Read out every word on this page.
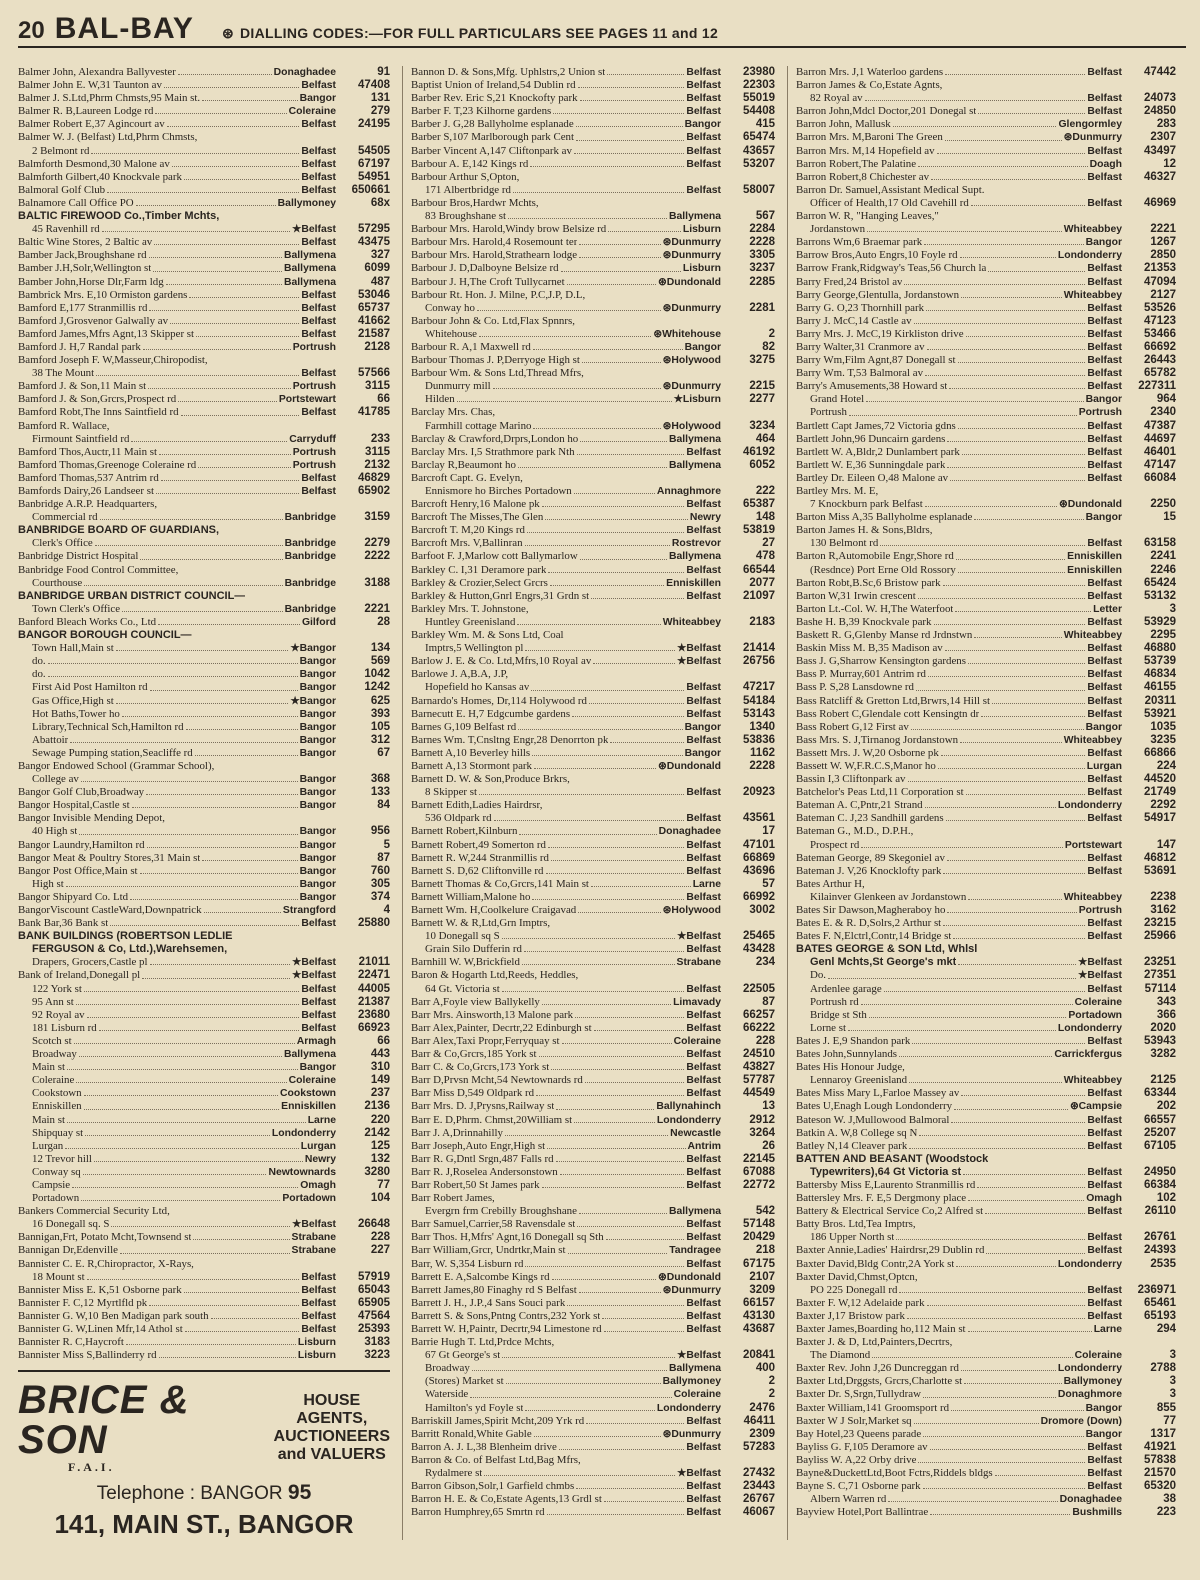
20 BAL-BAY ⊛ DIALLING CODES:—FOR FULL PARTICULARS SEE PAGES 11 and 12
Balmer John, Alexandra Ballyvester	Donaghadee	91
Balmer John E. W,31 Taunton av	Belfast	47408
Balmer J. S.Ltd,Phrm Chmsts,95 Main st.	Bangor	131
Balmer R. B,Laureen Lodge rd	Coleraine	279
Balmer Robert E,37 Agincourt av	Belfast	24195
Balmer W. J. (Belfast) Ltd,Phrm Chmsts,
2 Belmont rd	Belfast	54505
Balmforth Desmond,30 Malone av	Belfast	67197
Balmforth Gilbert,40 Knockvale park	Belfast	54951
Balmoral Golf Club	Belfast	650661
Balnamore Call Office PO	Ballymoney	68x
BALTIC FIREWOOD Co.,Timber Mchts,
45 Ravenhill rd	★Belfast	57295
Baltic Wine Stores, 2 Baltic av	Belfast	43475
Bamber Jack,Broughshane rd	Ballymena	327
Bamber J.H,Solr,Wellington st	Ballymena	6099
Bamber John,Horse Dlr,Farm ldg	Ballymena	487
Bambrick Mrs. E,10 Ormiston gardens	Belfast	53046
Bamford E,177 Stranmillis rd	Belfast	65737
Bamford J,Grosvenor Galwally av	Belfast	41662
Bamford James,Mfrs Agnt,13 Skipper st	Belfast	21587
Bamford J. H,7 Randal park	Portrush	2128
Bamford Joseph F. W,Masseur,Chiropodist,
38 The Mount	Belfast	57566
Bamford J. & Son,11 Main st	Portrush	3115
Bamford J. & Son,Grcrs,Prospect rd	Portstewart	66
Bamford Robt,The Inns Saintfield rd	Belfast	41785
Bamford R. Wallace,
Firmount Saintfield rd	Carryduff	233
Bamford Thos,Auctr,11 Main st	Portrush	3115
Bamford Thomas,Greenoge Coleraine rd	Portrush	2132
Bamford Thomas,537 Antrim rd	Belfast	46829
Bamfords Dairy,26 Landseer st	Belfast	65902
Banbridge A.R.P. Headquarters,
Commercial rd	Banbridge	3159
BANBRIDGE BOARD OF GUARDIANS,
Clerk's Office	Banbridge	2279
Banbridge District Hospital	Banbridge	2222
Banbridge Food Control Committee,
Courthouse	Banbridge	3188
BANBRIDGE URBAN DISTRICT COUNCIL—
Town Clerk's Office	Banbridge	2221
Banford Bleach Works Co., Ltd	Gilford	28
BANGOR BOROUGH COUNCIL—
Town Hall,Main st	★Bangor	134
do.	Bangor	569
do.	Bangor	1042
First Aid Post Hamilton rd	Bangor	1242
Gas Office,High st	★Bangor	625
Hot Baths,Tower ho	Bangor	393
Library,Technical Sch,Hamilton rd	Bangor	105
Abattoir	Bangor	312
Sewage Pumping station,Seacliffe rd	Bangor	67
Bangor Endowed School (Grammar School),
College av	Bangor	368
Bangor Golf Club,Broadway	Bangor	133
Bangor Hospital,Castle st	Bangor	84
Bangor Invisible Mending Depot,
40 High st	Bangor	956
Bangor Laundry,Hamilton rd	Bangor	5
Bangor Meat & Poultry Stores,31 Main st	Bangor	87
Bangor Post Office,Main st	Bangor	760
High st	Bangor	305
Bangor Shipyard Co. Ltd	Bangor	374
BangorViscount CastleWard,Downpatrick	Strangford	4
Bank Bar,36 Bank st	Belfast	25880
BANK BUILDINGS (ROBERTSON LEDLIE
FERGUSON & Co, Ltd.),Warehsemen,
Drapers, Grocers,Castle pl	★Belfast	21011
Bank of Ireland,Donegall pl	★Belfast	22471
122 York st	Belfast	44005
95 Ann st	Belfast	21387
92 Royal av	Belfast	23680
181 Lisburn rd	Belfast	66923
Scotch st	Armagh	66
Broadway	Ballymena	443
Main st	Bangor	310
Coleraine	Coleraine	149
Cookstown	Cookstown	237
Enniskillen	Enniskillen	2136
Main st	Larne	220
Shipquay st	Londonderry	2142
Lurgan	Lurgan	125
12 Trevor hill	Newry	132
Conway sq	Newtownards	3280
Campsie	Omagh	77
Portadown	Portadown	104
Bankers Commercial Security Ltd,
16 Donegall sq. S	★Belfast	26648
Bannigan,Frt, Potato Mcht,Townsend st	Strabane	228
Bannigan Dr,Edenville	Strabane	227
Bannister C. E. R,Chiropractor, X-Rays,
18 Mount st	Belfast	57919
Bannister Miss E. K,51 Osborne park	Belfast	65043
Bannister F. C,12 Myrtlfld pk	Belfast	65905
Bannister G. W,10 Ben Madigan park south	Belfast	47564
Bannister G. W,Linen Mfr,14 Athol st	Belfast	25393
Bannister R. C,Haycroft	Lisburn	3183
Bannister Miss S,Ballinderry rd	Lisburn	3223
BRICE & SON
F.A.I.
HOUSE
AGENTS,
AUCTIONEERS
and VALUERS
Telephone : BANGOR 95
141, MAIN ST., BANGOR
Bannon D. & Sons,Mfg. Uphlstrs,2 Union st	Belfast	23980
Baptist Union of Ireland,54 Dublin rd	Belfast	22303
Barber Rev. Eric S,21 Knockofty park	Belfast	55019
Barber F. T,23 Kilhorne gardens	Belfast	54408
Barber J. G,28 Ballyholme esplanade	Bangor	415
Barber S,107 Marlborough park Cent	Belfast	65474
Barber Vincent A,147 Cliftonpark av	Belfast	43657
Barbour A. E,142 Kings rd	Belfast	53207
Barbour Arthur S,Opton,
171 Albertbridge rd	Belfast	58007
Barbour Bros,Hardwr Mchts,
83 Broughshane st	Ballymena	567
Barbour Mrs. Harold,Windy brow Belsize rd	Lisburn	2284
Barbour Mrs. Harold,4 Rosemount ter	⊛Dunmurry	2228
Barbour Mrs. Harold,Strathearn lodge	⊛Dunmurry	3305
Barbour J. D,Dalboyne Belsize rd	Lisburn	3237
Barbour J. H,The Croft Tullycarnet	⊛Dundonald	2285
Barbour Rt. Hon. J. Milne, P.C,J.P, D.L,
Conway ho	⊛Dunmurry	2281
Barbour John & Co. Ltd,Flax Spnnrs,
Whitehouse	⊛Whitehouse	2
Barbour R. A,1 Maxwell rd	Bangor	82
Barbour Thomas J. P,Derryoge High st	⊛Holywood	3275
Barbour Wm. & Sons Ltd,Thread Mfrs,
Dunmurry mill	⊛Dunmurry	2215
Hilden	★Lisburn	2277
Barclay Mrs. Chas,
Farmhill cottage Marino	⊛Holywood	3234
Barclay & Crawford,Drprs,London ho	Ballymena	464
Barclay Mrs. I,5 Strathmore park Nth	Belfast	46192
Barclay R,Beaumont ho	Ballymena	6052
Barcroft Capt. G. Evelyn,
Ennismore ho Birches Portadown	Annaghmore	222
Barcroft Henry,16 Malone pk	Belfast	65387
Barcroft The Misses,The Glen	Newry	148
Barcroft T. M,20 Kings rd	Belfast	53819
Barcroft Mrs. V,Ballinran	Rostrevor	27
Barfoot F. J,Marlow cott Ballymarlow	Ballymena	478
Barkley C. I,31 Deramore park	Belfast	66544
Barkley & Crozier,Select Grcrs	Enniskillen	2077
Barkley & Hutton,Gnrl Engrs,31 Grdn st	Belfast	21097
Barkley Mrs. T. Johnstone,
Huntley Greenisland	Whiteabbey	2183
Barkley Wm. M. & Sons Ltd, Coal
Imptrs,5 Wellington pl	★Belfast	21414
Barlow J. E. & Co. Ltd,Mfrs,10 Royal av	★Belfast	26756
Barlowe J. A,B.A, J.P,
Hopefield ho Kansas av	Belfast	47217
Barnardo's Homes, Dr,114 Holywood rd	Belfast	54184
Barnecutt E. H,7 Edgcumbe gardens	Belfast	53143
Barnes G,109 Belfast rd	Bangor	1340
Barnes Wm. T,Cnsltng Engr,28 Denorrton pk	Belfast	53836
Barnett A,10 Beverley hills	Bangor	1162
Barnett A,13 Stormont park	⊛Dundonald	2228
Barnett D. W. & Son,Produce Brkrs,
8 Skipper st	Belfast	20923
Barnett Edith,Ladies Hairdrsr,
536 Oldpark rd	Belfast	43561
Barnett Robert,Kilnburn	Donaghadee	17
Barnett Robert,49 Somerton rd	Belfast	47101
Barnett R. W,244 Stranmillis rd	Belfast	66869
Barnett S. D,62 Cliftonville rd	Belfast	43696
Barnett Thomas & Co,Grcrs,141 Main st	Larne	57
Barnett William,Malone ho	Belfast	66992
Barnett Wm. H,Coolkelure Craigavad	⊛Holywood	3002
Barnett W. & R,Ltd,Grn Imptrs,
10 Donegall sq S	★Belfast	25465
Grain Silo Dufferin rd	Belfast	43428
Barnhill W. W,Brickfield	Strabane	234
Baron & Hogarth Ltd,Reeds, Heddles,
64 Gt. Victoria st	Belfast	22505
Barr A,Foyle view Ballykelly	Limavady	87
Barr Mrs. Ainsworth,13 Malone park	Belfast	66257
Barr Alex,Painter, Decrtr,22 Edinburgh st	Belfast	66222
Barr Alex,Taxi Propr,Ferryquay st	Coleraine	228
Barr & Co,Grcrs,185 York st	Belfast	24510
Barr C. & Co,Grcrs,173 York st	Belfast	43827
Barr D,Prvsn Mcht,54 Newtownards rd	Belfast	57787
Barr Miss D,549 Oldpark rd	Belfast	44549
Barr Mrs. D. J,Prysns,Railway st	Ballynahinch	13
Barr E. D,Phrm. Chmst,20William st	Londonderry	2912
Barr J. A,Drinnahilly	Newcastle	3264
Barr Joseph,Auto Engr,High st	Antrim	26
Barr R. G,Dntl Srgn,487 Falls rd	Belfast	22145
Barr R. J,Roselea Andersonstown	Belfast	67088
Barr Robert,50 St James park	Belfast	22772
Barr Robert James,
Evergrn frm Crebilly Broughshane	Ballymena	542
Barr Samuel,Carrier,58 Ravensdale st	Belfast	57148
Barr Thos. H,Mfrs' Agnt,16 Donegall sq Sth	Belfast	20429
Barr William,Grcr, Undrtkr,Main st	Tandragee	218
Barr, W. S,354 Lisburn rd	Belfast	67175
Barrett E. A,Salcombe Kings rd	⊛Dundonald	2107
Barrett James,80 Finaghy rd S Belfast	⊛Dunmurry	3209
Barrett J. H., J.P.,4 Sans Souci park	Belfast	66157
Barrett S. & Sons,Pntng Contrs,232 York st	Belfast	43130
Barrett W. H,Paintr, Decrtr,94 Limestone rd	Belfast	43687
Barrie Hugh T. Ltd,Prdce Mchts,
67 Gt George's st	★Belfast	20841
Broadway	Ballymena	400
(Stores) Market st	Ballymoney	2
Waterside	Coleraine	2
Hamilton's yd Foyle st	Londonderry	2476
Barriskill James,Spirit Mcht,209 Yrk rd	Belfast	46411
Barritt Ronald,White Gable	⊛Dunmurry	2309
Barron A. J. L,38 Blenheim drive	Belfast	57283
Barron & Co. of Belfast Ltd,Bag Mfrs,
Rydalmere st	★Belfast	27432
Barron Gibson,Solr,1 Garfield chmbs	Belfast	23443
Barron H. E. & Co,Estate Agents,13 Grdl st	Belfast	26767
Barron Humphrey,65 Smrtn rd	Belfast	46067
Barron Mrs. J,1 Waterloo gardens	Belfast	47442
Barron James & Co,Estate Agnts,
82 Royal av	Belfast	24073
Barron John,Mdcl Doctor,201 Donegal st	Belfast	24850
Barron John, Mallusk	Glengormley	283
Barron Mrs. M,Baroni The Green	⊛Dunmurry	2307
Barron Mrs. M,14 Hopefield av	Belfast	43497
Barron Robert,The Palatine	Doagh	12
Barron Robert,8 Chichester av	Belfast	46327
Barron Dr. Samuel,Assistant Medical Supt.
Officer of Health,17 Old Cavehill rd	Belfast	46969
Barron W. R, "Hanging Leaves,"
Jordanstown	Whiteabbey	2221
Barrons Wm,6 Braemar park	Bangor	1267
Barrow Bros,Auto Engrs,10 Foyle rd	Londonderry	2850
Barrow Frank,Ridgway's Teas,56 Church la	Belfast	21353
Barry Fred,24 Bristol av	Belfast	47094
Barry George,Glentulla, Jordanstown	Whiteabbey	2127
Barry G. O,23 Thornhill park	Belfast	53526
Barry J. McC,14 Castle av	Belfast	47123
Barry Mrs. J. McC,19 Kirkliston drive	Belfast	53466
Barry Walter,31 Cranmore av	Belfast	66692
Barry Wm,Film Agnt,87 Donegall st	Belfast	26443
Barry Wm. T,53 Balmoral av	Belfast	65782
Barry's Amusements,38 Howard st	Belfast	227311
Grand Hotel	Bangor	964
Portrush	Portrush	2340
Bartlett Capt James,72 Victoria gdns	Belfast	47387
Bartlett John,96 Duncairn gardens	Belfast	44697
Bartlett W. A,Bldr,2 Dunlambert park	Belfast	46401
Bartlett W. E,36 Sunningdale park	Belfast	47147
Bartley Dr. Eileen O,48 Malone av	Belfast	66084
Bartley Mrs. M. E,
7 Knockburn park Belfast	⊛Dundonald	2250
Barton Miss A,35 Ballyholme esplanade	Bangor	15
Barton James H. & Sons,Bldrs,
130 Belmont rd	Belfast	63158
Barton R,Automobile Engr,Shore rd	Enniskillen	2241
(Resdnce) Port Erne Old Rossory	Enniskillen	2246
Barton Robt,B.Sc,6 Bristow park	Belfast	65424
Barton W,31 Irwin crescent	Belfast	53132
Barton Lt.-Col. W. H,The Waterfoot	Letter	3
Bashe H. B,39 Knockvale park	Belfast	53929
Baskett R. G,Glenby Manse rd Jrdnstwn	Whiteabbey	2295
Baskin Miss M. B,35 Madison av	Belfast	46880
Bass J. G,Sharrow Kensington gardens	Belfast	53739
Bass P. Murray,601 Antrim rd	Belfast	46834
Bass P. S,28 Lansdowne rd	Belfast	46155
Bass Ratcliff & Gretton Ltd,Brwrs,14 Hill st	Belfast	20311
Bass Robert C,Glendale cott Kensingtn dr	Belfast	53921
Bass Robert G,12 First av	Bangor	1035
Bass Mrs. S. J,Tirnanog Jordanstown	Whiteabbey	3235
Bassett Mrs. J. W,20 Osborne pk	Belfast	66866
Bassett W. W,F.R.C.S,Manor ho	Lurgan	224
Bassin I,3 Cliftonpark av	Belfast	44520
Batchelor's Peas Ltd,11 Corporation st	Belfast	21749
Bateman A. C,Pntr,21 Strand	Londonderry	2292
Bateman C. J,23 Sandhill gardens	Belfast	54917
Bateman G., M.D., D.P.H.,
Prospect rd	Portstewart	147
Bateman George, 89 Skegoniel av	Belfast	46812
Bateman J. V,26 Knocklofty park	Belfast	53691
Bates Arthur H,
Kilainver Glenkeen av Jordanstown	Whiteabbey	2238
Bates Sir Dawson,Magheraboy ho	Portrush	3162
Bates E. & R. D,Solrs,2 Arthur st	Belfast	23215
Bates F. N,Elctrl,Contr,14 Bridge st	Belfast	25966
BATES GEORGE & SON Ltd, Whlsl
Genl Mchts,St George's mkt	★Belfast	23251
Do.	★Belfast	27351
Ardenlee garage	Belfast	57114
Portrush rd	Coleraine	343
Bridge st Sth	Portadown	366
Lorne st	Londonderry	2020
Bates J. E,9 Shandon park	Belfast	53943
Bates John,Sunnylands	Carrickfergus	3282
Bates His Honour Judge,
Lennaroy Greenisland	Whiteabbey	2125
Bates Miss Mary L,Farloe Massey av	Belfast	63344
Bates U,Enagh Lough Londonderry	⊛Campsie	202
Bateson W. J,Mullowood Balmoral	Belfast	66557
Batkin A. W,8 College sq N	Belfast	25207
Batley N,14 Cleaver park	Belfast	67105
BATTEN AND BEASANT (Woodstock
Typewriters),64 Gt Victoria st	Belfast	24950
Battersby Miss E,Laurento Stranmillis rd	Belfast	66384
Battersley Mrs. F. E,5 Dergmony place	Omagh	102
Battery & Electrical Service Co,2 Alfred st	Belfast	26110
Batty Bros. Ltd,Tea Imptrs,
186 Upper North st	Belfast	26761
Baxter Annie,Ladies' Hairdrsr,29 Dublin rd	Belfast	24393
Baxter David,Bldg Contr,2A York st	Londonderry	2535
Baxter David,Chmst,Optcn,
PO 225 Donegall rd	Belfast	236971
Baxter F. W,12 Adelaide park	Belfast	65461
Baxter J,17 Bristow park	Belfast	65193
Baxter James,Boarding ho,112 Main st	Larne	294
Baxter J. & D, Ltd,Painters,Decrtrs,
The Diamond	Coleraine	3
Baxter Rev. John J,26 Duncreggan rd	Londonderry	2788
Baxter Ltd,Drggsts, Grcrs,Charlotte st	Ballymoney	3
Baxter Dr. S,Srgn,Tullydraw	Donaghmore	3
Baxter William,141 Groomsport rd	Bangor	855
Baxter W J Solr,Market sq	Dromore (Down)	77
Bay Hotel,23 Queens parade	Bangor	1317
Bayliss G. F,105 Deramore av	Belfast	41921
Bayliss W. A,22 Orby drive	Belfast	57838
Bayne&DuckettLtd,Boot Fctrs,Riddels bldgs	Belfast	21570
Bayne S. C,71 Osborne park	Belfast	65320
Albern Warren rd	Donaghadee	38
Bayview Hotel,Port Ballintrae	Bushmills	223
